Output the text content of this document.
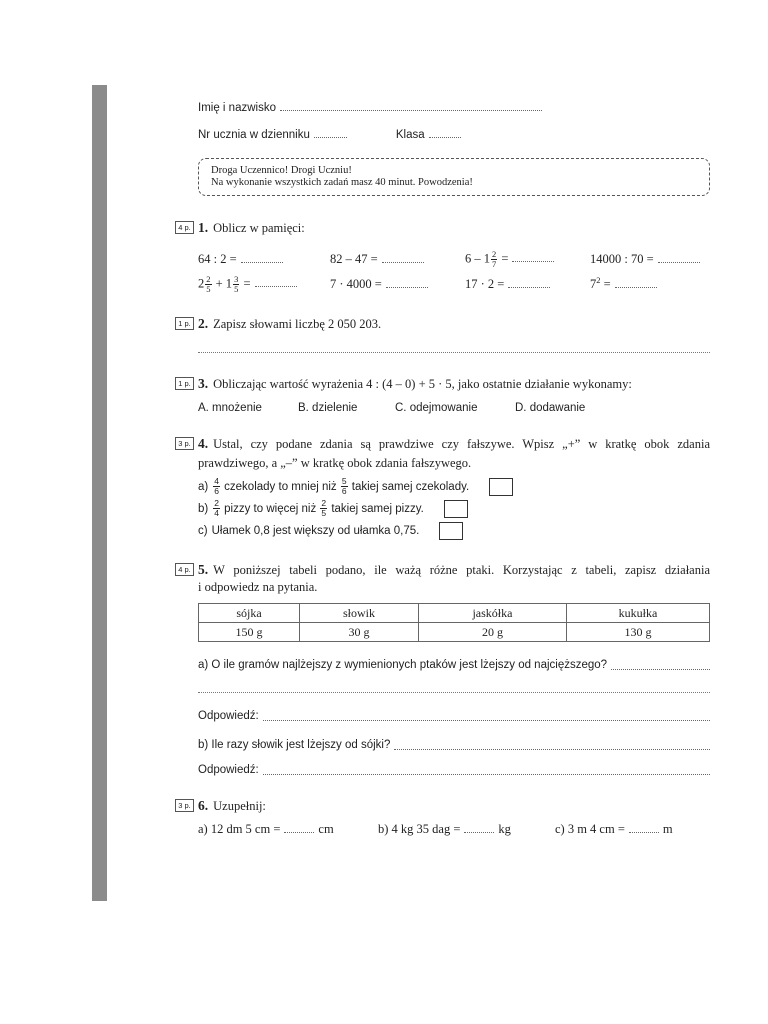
Imię i nazwisko
Nr ucznia w dzienniku	Klasa
Droga Uczennico! Drogi Uczniu!
Na wykonanie wszystkich zadań masz 40 minut. Powodzenia!
4 p. 1. Oblicz w pamięci:
64 : 2 =	82 – 47 =	$6 - 1 \frac{2}{7}$ =	14000 : 70 =
$2 \frac{2}{5} + 1 \frac{3}{5}$ =	7 · 4000 =	17 · 2 =	$7^2$ =
1 p. 2. Zapisz słowami liczbę 2 050 203.
1 p. 3. Obliczając wartość wyrażenia 4 : (4 – 0) + 5 · 5, jako ostatnie działanie wykonamy:
A. mnożenie	B. dzielenie	C. odejmowanie	D. dodawanie
3 p. 4. Ustal, czy podane zdania są prawdziwe czy fałszywe. Wpisz „+” w kratkę obok zdania
prawdziwego, a „–” w kratkę obok zdania fałszywego.
$a) \frac{4}{6}$ czekolady to mniej niż $\frac{5}{6}$ takiej samej czekolady.
$b) \frac{2}{4}$ pizzy to więcej niż $\frac{2}{5}$ takiej samej pizzy.
c) Ułamek 0,8 jest większy od ułamka 0,75.
4 p. 5. W poniższej tabeli podano, ile ważą różne ptaki. Korzystając z tabeli, zapisz działania
i odpowiedz na pytania.
sójka	słowik	jaskółka	kukułka
150 g	30 g	20 g	130 g
a) O ile gramów najlżejszy z wymienionych ptaków jest lżejszy od najcięższego?
Odpowiedź:
b) Ile razy słowik jest lżejszy od sójki?
Odpowiedź:
3 p. 6. Uzupełnij:
a) 12 dm 5 cm =	cm	b) 4 kg 35 dag =	kg	c) 3 m 4 cm =	m
